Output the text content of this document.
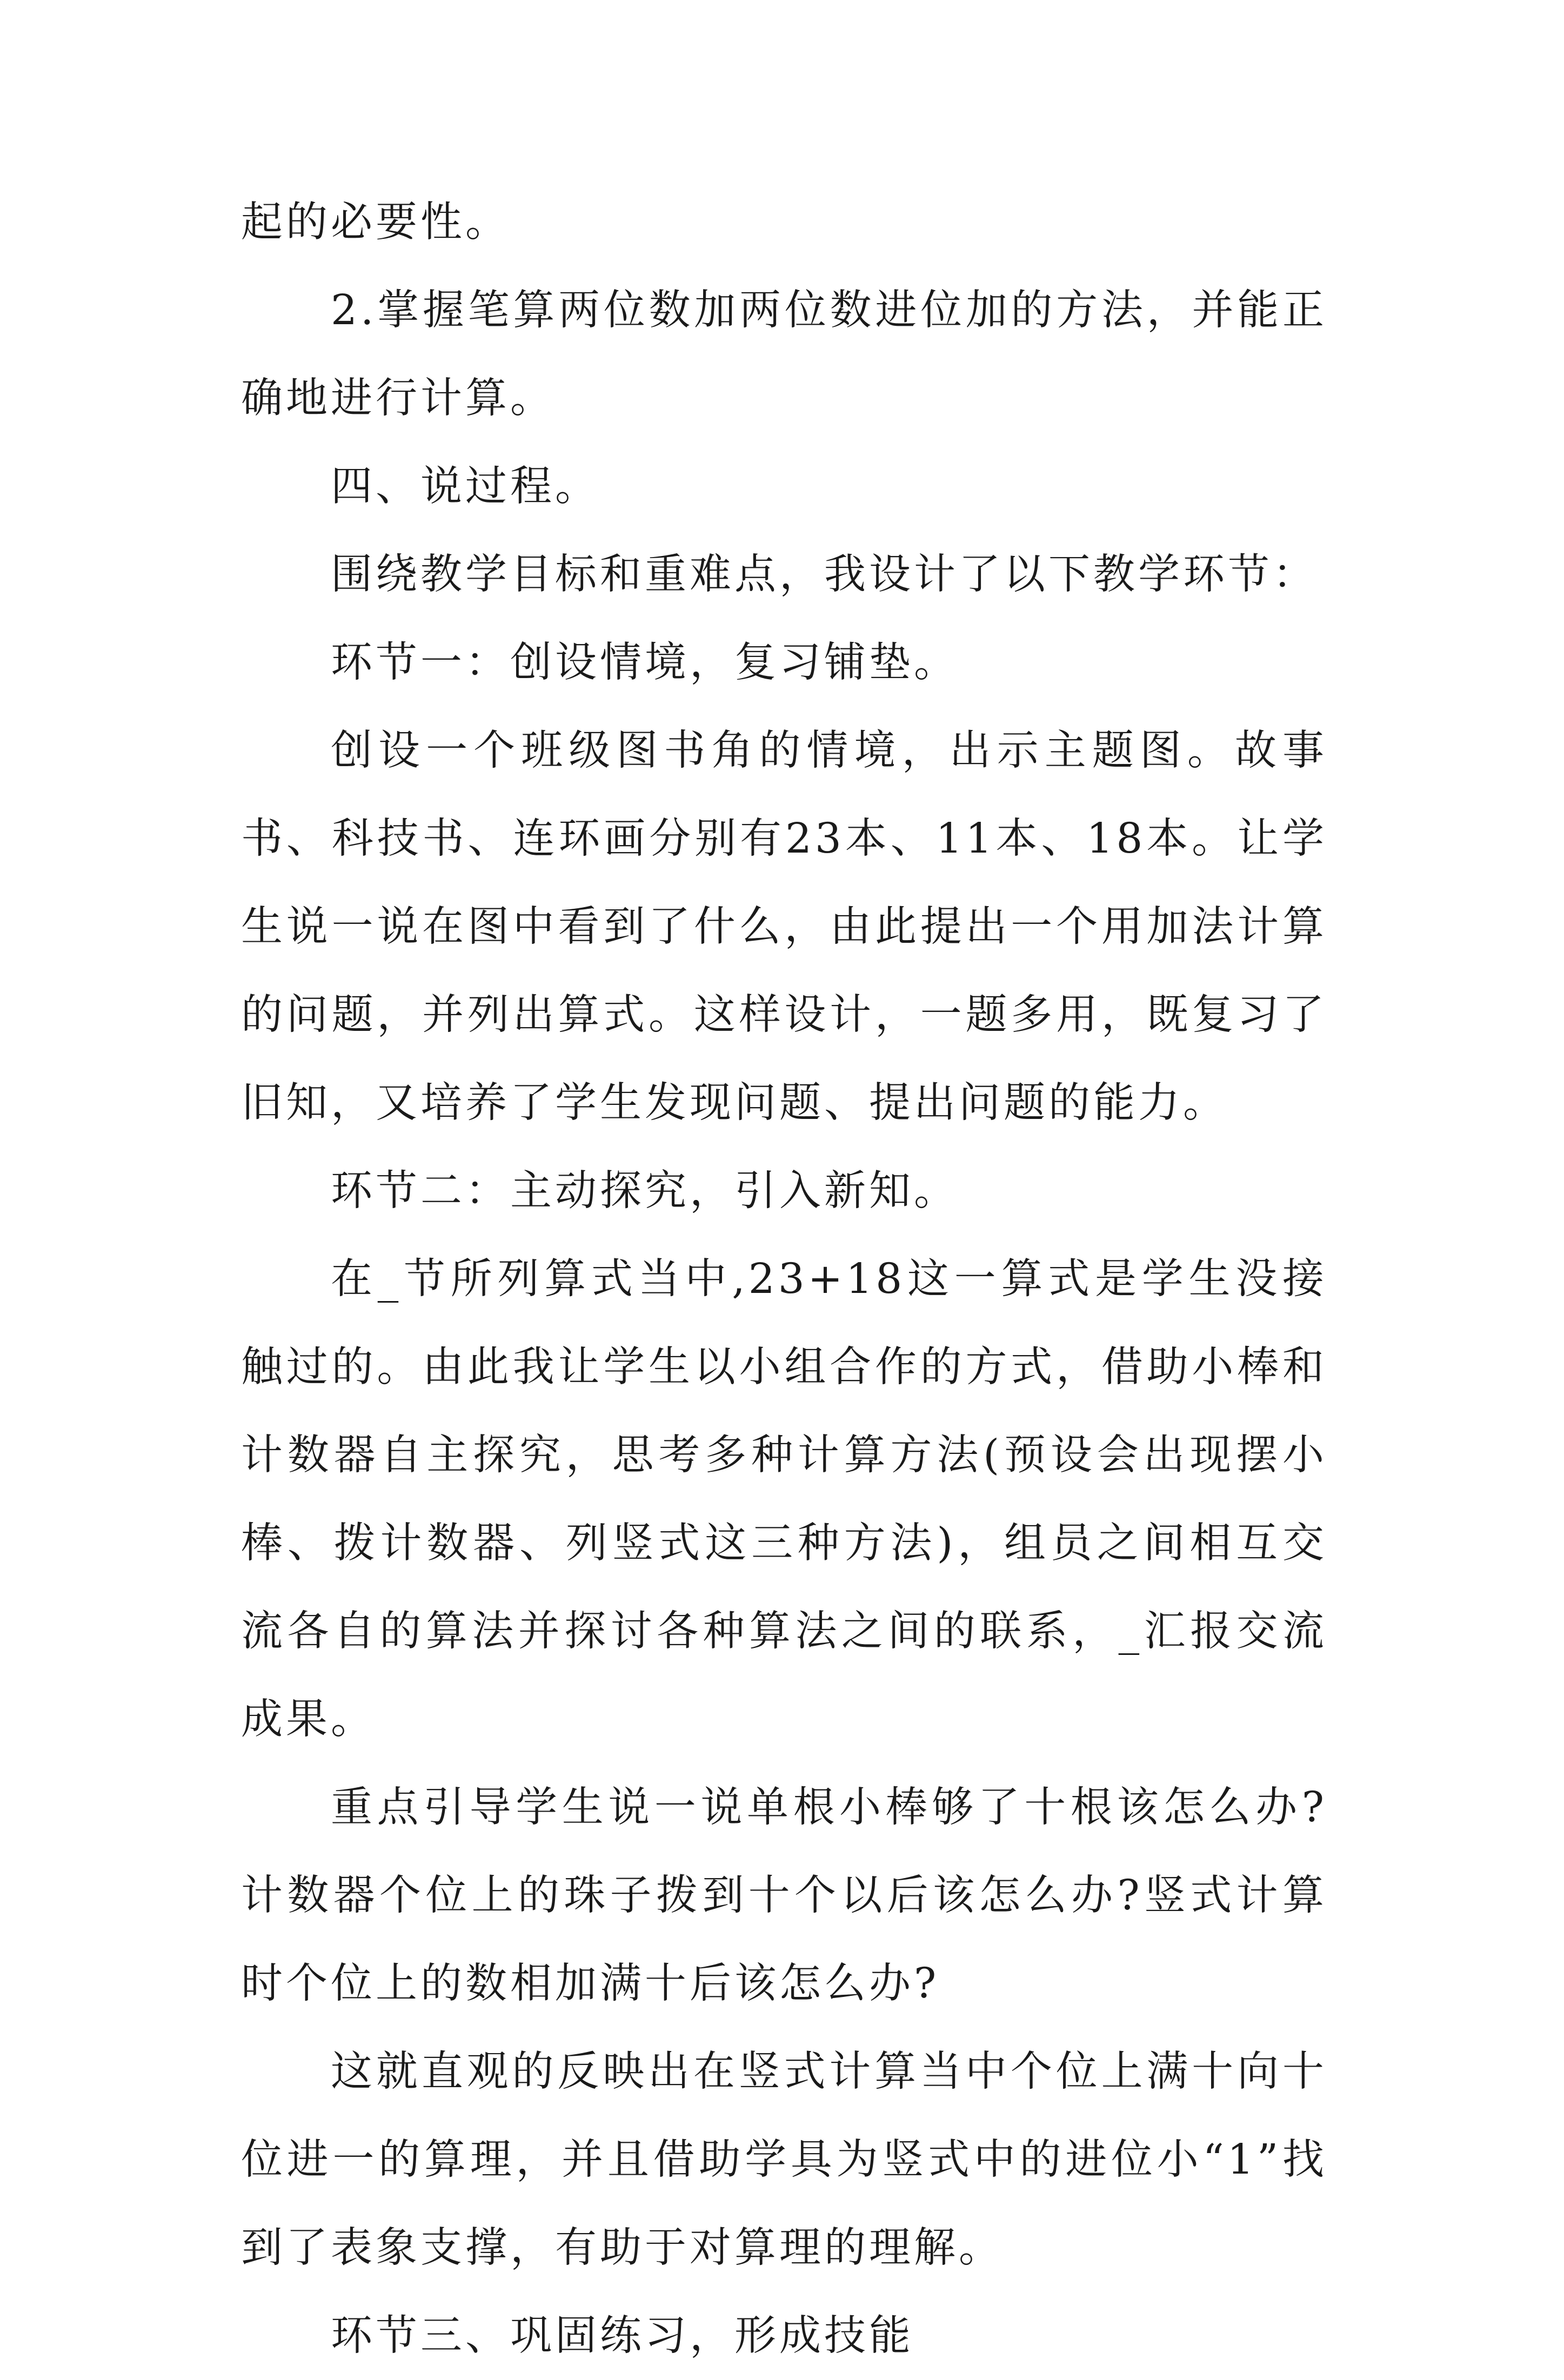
起的必要性。

2.掌握笔算两位数加两位数进位加的方法，并能正确地进行计算。

四、说过程。

围绕教学目标和重难点，我设计了以下教学环节：

环节一：创设情境，复习铺垫。

创设一个班级图书角的情境，出示主题图。故事书、科技书、连环画分别有23本、11本、18本。让学生说一说在图中看到了什么，由此提出一个用加法计算的问题，并列出算式。这样设计，一题多用，既复习了旧知，又培养了学生发现问题、提出问题的能力。

环节二：主动探究，引入新知。

在_节所列算式当中,23+18这一算式是学生没接触过的。由此我让学生以小组合作的方式，借助小棒和计数器自主探究，思考多种计算方法(预设会出现摆小棒、拨计数器、列竖式这三种方法)，组员之间相互交流各自的算法并探讨各种算法之间的联系，_汇报交流成果。

重点引导学生说一说单根小棒够了十根该怎么办?计数器个位上的珠子拨到十个以后该怎么办?竖式计算时个位上的数相加满十后该怎么办?

这就直观的反映出在竖式计算当中个位上满十向十位进一的算理，并且借助学具为竖式中的进位小“1”找到了表象支撑，有助于对算理的理解。

环节三、巩固练习，形成技能
